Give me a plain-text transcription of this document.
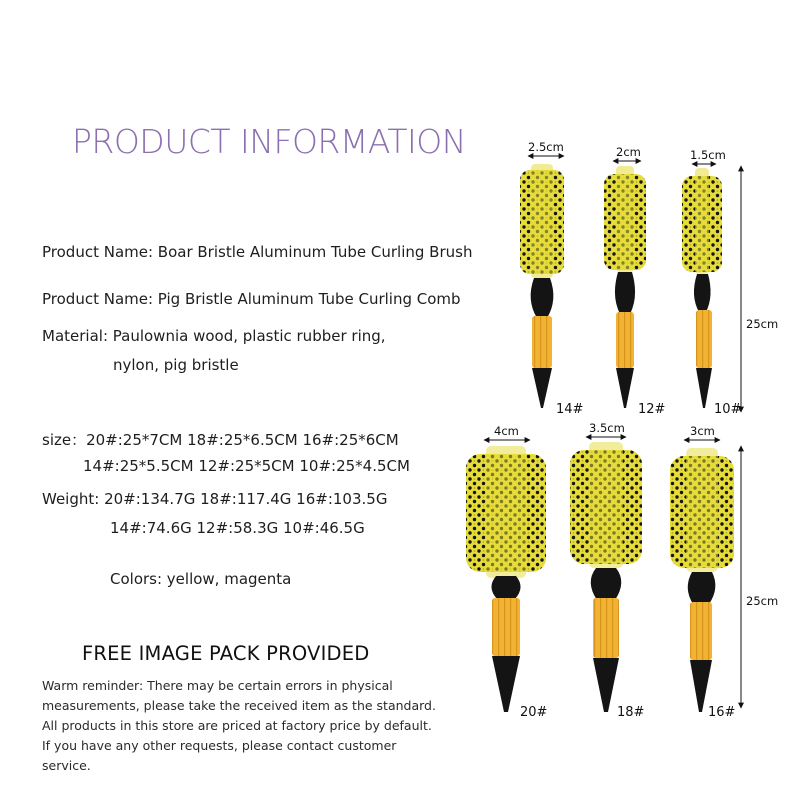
PRODUCT INFORMATION
Product Name: Boar Bristle Aluminum Tube Curling Brush
Product Name: Pig Bristle Aluminum Tube Curling Comb
Material: Paulownia wood, plastic rubber ring,
nylon, pig bristle
size：20#:25*7CM 18#:25*6.5CM 16#:25*6CM
14#:25*5.5CM 12#:25*5CM 10#:25*4.5CM
Weight: 20#:134.7G 18#:117.4G 16#:103.5G
14#:74.6G 12#:58.3G 10#:46.5G
Colors: yellow, magenta
FREE IMAGE PACK PROVIDED
Warm reminder: There may be certain errors in physical measurements, please take the received item as the standard. All products in this store are priced at factory price by default. If you have any other requests, please contact customer service.
2.5cm	2cm	1.5cm
25cm
14#	12#	10#
4cm	3.5cm	3cm
25cm
20#	18#	16#
